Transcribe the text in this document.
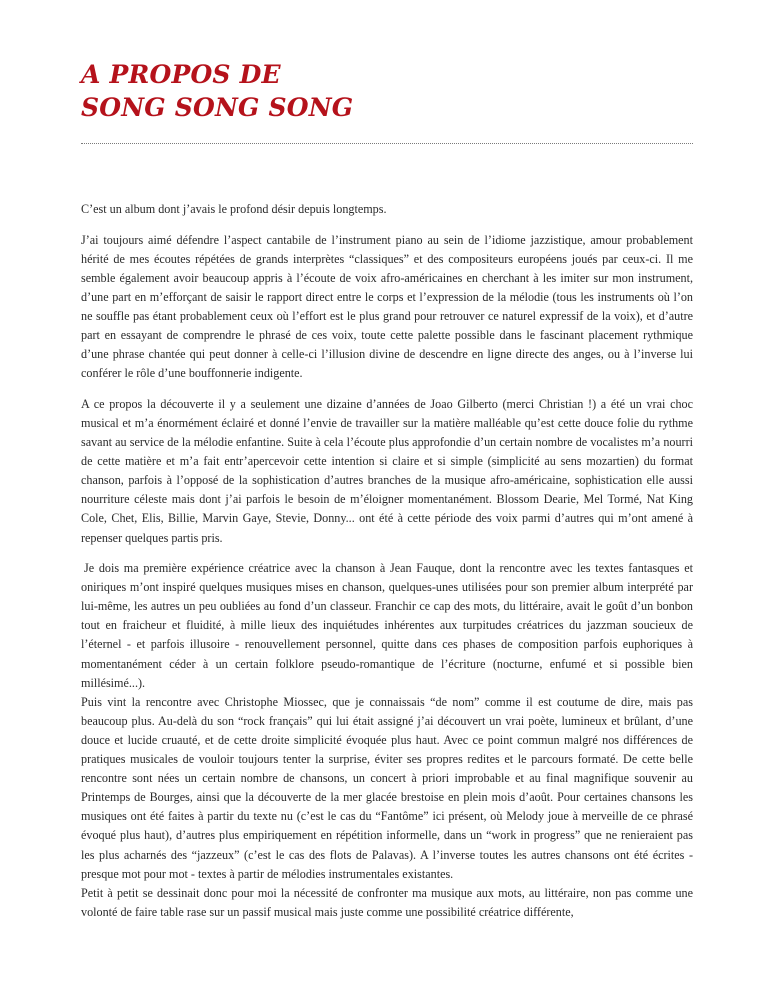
A PROPOS DE
SONG SONG SONG

C’est un album dont j’avais le profond désir depuis longtemps.

J’ai toujours aimé défendre l’aspect cantabile de l’instrument piano au sein de l’idiome jazzistique, amour probablement hérité de mes écoutes répétées de grands interprètes “classiques” et des compositeurs européens joués par ceux-ci. Il me semble également avoir beaucoup appris à l’écoute de voix afro-américaines en cherchant à les imiter sur mon instrument, d’une part en m’efforçant de saisir le rapport direct entre le corps et l’expression de la mélodie (tous les instruments où l’on ne souffle pas étant probablement ceux où l’effort est le plus grand pour retrouver ce naturel expressif de la voix), et d’autre part en essayant de comprendre le phrasé de ces voix, toute cette palette possible dans le fascinant placement rythmique d’une phrase chantée qui peut donner à celle-ci l’illusion divine de descendre en ligne directe des anges, ou à l’inverse lui conférer le rôle d’une bouffonnerie indigente.

A ce propos la découverte il y a seulement une dizaine d’années de Joao Gilberto (merci Christian !) a été un vrai choc musical et m’a énormément éclairé et donné l’envie de travailler sur la matière malléable qu’est cette douce folie du rythme savant au service de la mélodie enfantine. Suite à cela l’écoute plus approfondie d’un certain nombre de vocalistes m’a nourri de cette matière et m’a fait entr’apercevoir cette intention si claire et si simple (simplicité au sens mozartien) du format chanson, parfois à l’opposé de la sophistication d’autres branches de la musique afro-américaine, sophistication elle aussi nourriture céleste mais dont j’ai parfois le besoin de m’éloigner momentanément. Blossom Dearie, Mel Tormé, Nat King Cole, Chet, Elis, Billie, Marvin Gaye, Stevie, Donny... ont été à cette période des voix parmi d’autres qui m’ont amené à repenser quelques partis pris.

Je dois ma première expérience créatrice avec la chanson à Jean Fauque, dont la rencontre avec les textes fantasques et oniriques m’ont inspiré quelques musiques mises en chanson, quelques-unes utilisées pour son premier album interprété par lui-même, les autres un peu oubliées au fond d’un classeur. Franchir ce cap des mots, du littéraire, avait le goût d’un bonbon tout en fraicheur et fluidité, à mille lieux des inquiétudes inhérentes aux turpitudes créatrices du jazzman soucieux de l’éternel - et parfois illusoire - renouvellement personnel, quitte dans ces phases de composition parfois euphoriques à momentanément céder à un certain folklore pseudo-romantique de l’écriture (nocturne, enfumé et si possible bien millésimé...).

Puis vint la rencontre avec Christophe Miossec, que je connaissais “de nom” comme il est coutume de dire, mais pas beaucoup plus. Au-delà du son “rock français” qui lui était assigné j’ai découvert un vrai poète, lumineux et brûlant, d’une douce et lucide cruauté, et de cette droite simplicité évoquée plus haut. Avec ce point commun malgré nos différences de pratiques musicales de vouloir toujours tenter la surprise, éviter ses propres redites et le parcours formaté. De cette belle rencontre sont nées un certain nombre de chansons, un concert à priori improbable et au final magnifique souvenir au Printemps de Bourges, ainsi que la découverte de la mer glacée brestoise en plein mois d’août. Pour certaines chansons les musiques ont été faites à partir du texte nu (c’est le cas du “Fantôme” ici présent, où Melody joue à merveille de ce phrasé évoqué plus haut), d’autres plus empiriquement en répétition informelle, dans un “work in progress” que ne renieraient pas les plus acharnés des “jazzeux” (c’est le cas des flots de Palavas). A l’inverse toutes les autres chansons ont été écrites - presque mot pour mot - textes à partir de mélodies instrumentales existantes.

Petit à petit se dessinait donc pour moi la nécessité de confronter ma musique aux mots, au littéraire, non pas comme une volonté de faire table rase sur un passif musical mais juste comme une possibilité créatrice différente,
